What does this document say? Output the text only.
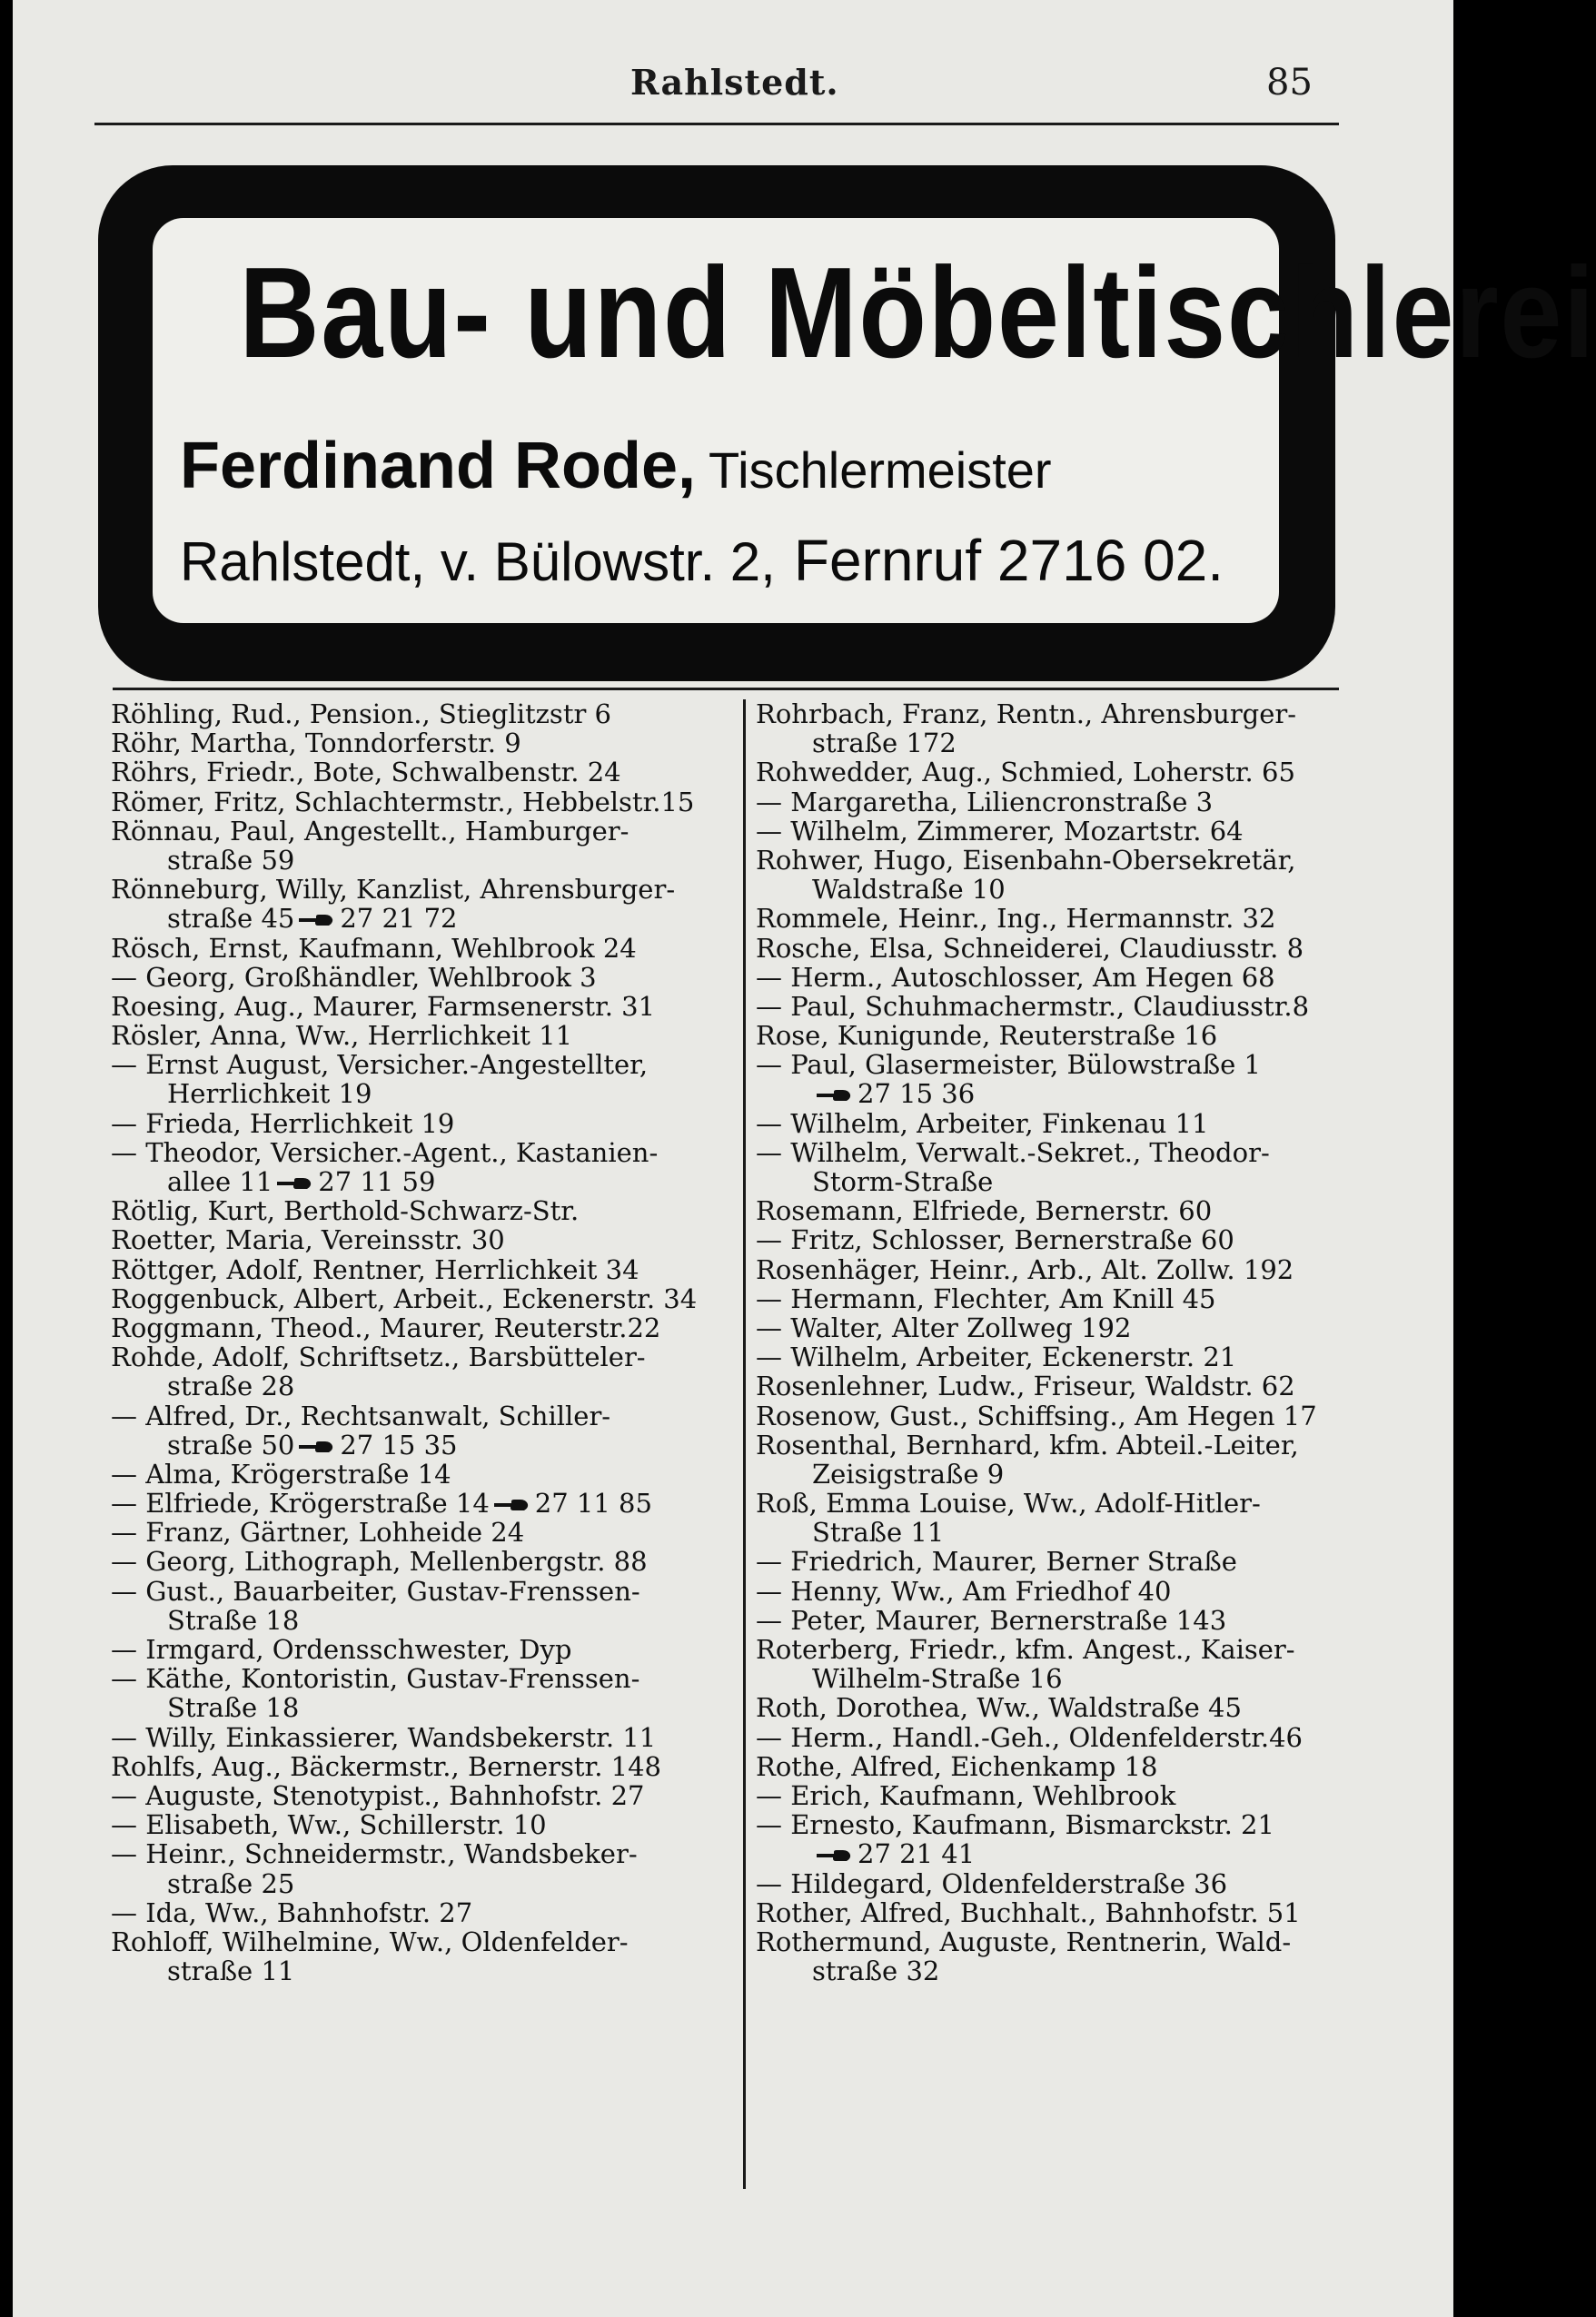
Rahlstedt.	85
Bau- und Möbeltischlerei
Ferdinand Rode, Tischlermeister
Rahlstedt, v. Bülowstr. 2, Fernruf 2716 02.
Röhling, Rud., Pension., Stieglitzstr 6
Röhr, Martha, Tonndorferstr. 9
Röhrs, Friedr., Bote, Schwalbenstr. 24
Römer, Fritz, Schlachtermstr., Hebbelstr.15
Rönnau, Paul, Angestellt., Hamburger-
straße 59
Rönneburg, Willy, Kanzlist, Ahrensburger-
straße 45 27 21 72
Rösch, Ernst, Kaufmann, Wehlbrook 24
— Georg, Großhändler, Wehlbrook 3
Roesing, Aug., Maurer, Farmsenerstr. 31
Rösler, Anna, Ww., Herrlichkeit 11
— Ernst August, Versicher.-Angestellter,
Herrlichkeit 19
— Frieda, Herrlichkeit 19
— Theodor, Versicher.-Agent., Kastanien-
allee 11 27 11 59
Rötlig, Kurt, Berthold-Schwarz-Str.
Roetter, Maria, Vereinsstr. 30
Röttger, Adolf, Rentner, Herrlichkeit 34
Roggenbuck, Albert, Arbeit., Eckenerstr. 34
Roggmann, Theod., Maurer, Reuterstr.22
Rohde, Adolf, Schriftsetz., Barsbütteler-
straße 28
— Alfred, Dr., Rechtsanwalt, Schiller-
straße 50 27 15 35
— Alma, Krögerstraße 14
— Elfriede, Krögerstraße 14 27 11 85
— Franz, Gärtner, Lohheide 24
— Georg, Lithograph, Mellenbergstr. 88
— Gust., Bauarbeiter, Gustav-Frenssen-
Straße 18
— Irmgard, Ordensschwester, Dyp
— Käthe, Kontoristin, Gustav-Frenssen-
Straße 18
— Willy, Einkassierer, Wandsbekerstr. 11
Rohlfs, Aug., Bäckermstr., Bernerstr. 148
— Auguste, Stenotypist., Bahnhofstr. 27
— Elisabeth, Ww., Schillerstr. 10
— Heinr., Schneidermstr., Wandsbeker-
straße 25
— Ida, Ww., Bahnhofstr. 27
Rohloff, Wilhelmine, Ww., Oldenfelder-
straße 11
Rohrbach, Franz, Rentn., Ahrensburger-
straße 172
Rohwedder, Aug., Schmied, Loherstr. 65
— Margaretha, Liliencronstraße 3
— Wilhelm, Zimmerer, Mozartstr. 64
Rohwer, Hugo, Eisenbahn-Obersekretär,
Waldstraße 10
Rommele, Heinr., Ing., Hermannstr. 32
Rosche, Elsa, Schneiderei, Claudiusstr. 8
— Herm., Autoschlosser, Am Hegen 68
— Paul, Schuhmachermstr., Claudiusstr.8
Rose, Kunigunde, Reuterstraße 16
— Paul, Glasermeister, Bülowstraße 1
27 15 36
— Wilhelm, Arbeiter, Finkenau 11
— Wilhelm, Verwalt.-Sekret., Theodor-
Storm-Straße
Rosemann, Elfriede, Bernerstr. 60
— Fritz, Schlosser, Bernerstraße 60
Rosenhäger, Heinr., Arb., Alt. Zollw. 192
— Hermann, Flechter, Am Knill 45
— Walter, Alter Zollweg 192
— Wilhelm, Arbeiter, Eckenerstr. 21
Rosenlehner, Ludw., Friseur, Waldstr. 62
Rosenow, Gust., Schiffsing., Am Hegen 17
Rosenthal, Bernhard, kfm. Abteil.-Leiter,
Zeisigstraße 9
Roß, Emma Louise, Ww., Adolf-Hitler-
Straße 11
— Friedrich, Maurer, Berner Straße
— Henny, Ww., Am Friedhof 40
— Peter, Maurer, Bernerstraße 143
Roterberg, Friedr., kfm. Angest., Kaiser-
Wilhelm-Straße 16
Roth, Dorothea, Ww., Waldstraße 45
— Herm., Handl.-Geh., Oldenfelderstr.46
Rothe, Alfred, Eichenkamp 18
— Erich, Kaufmann, Wehlbrook
— Ernesto, Kaufmann, Bismarckstr. 21
27 21 41
— Hildegard, Oldenfelderstraße 36
Rother, Alfred, Buchhalt., Bahnhofstr. 51
Rothermund, Auguste, Rentnerin, Wald-
straße 32
